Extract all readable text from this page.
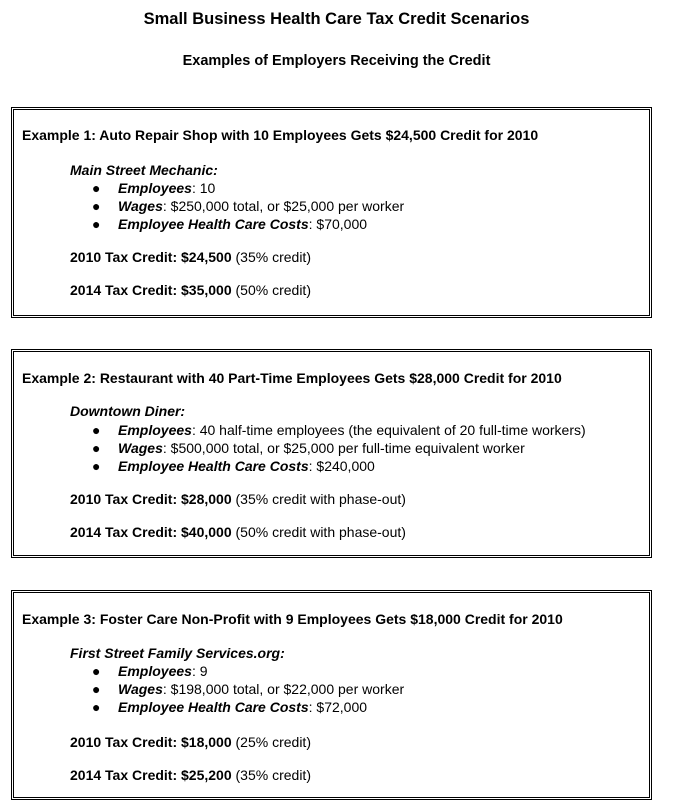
Small Business Health Care Tax Credit Scenarios
Examples of Employers Receiving the Credit
Example 1: Auto Repair Shop with 10 Employees Gets $24,500 Credit for 2010
Main Street Mechanic:
● Employees: 10
● Wages: $250,000 total, or $25,000 per worker
● Employee Health Care Costs: $70,000
2010 Tax Credit: $24,500 (35% credit)
2014 Tax Credit: $35,000 (50% credit)
Example 2: Restaurant with 40 Part-Time Employees Gets $28,000 Credit for 2010
Downtown Diner:
● Employees: 40 half-time employees (the equivalent of 20 full-time workers)
● Wages: $500,000 total, or $25,000 per full-time equivalent worker
● Employee Health Care Costs: $240,000
2010 Tax Credit: $28,000 (35% credit with phase-out)
2014 Tax Credit: $40,000 (50% credit with phase-out)
Example 3: Foster Care Non-Profit with 9 Employees Gets $18,000 Credit for 2010
First Street Family Services.org:
● Employees: 9
● Wages: $198,000 total, or $22,000 per worker
● Employee Health Care Costs: $72,000
2010 Tax Credit: $18,000 (25% credit)
2014 Tax Credit: $25,200 (35% credit)
